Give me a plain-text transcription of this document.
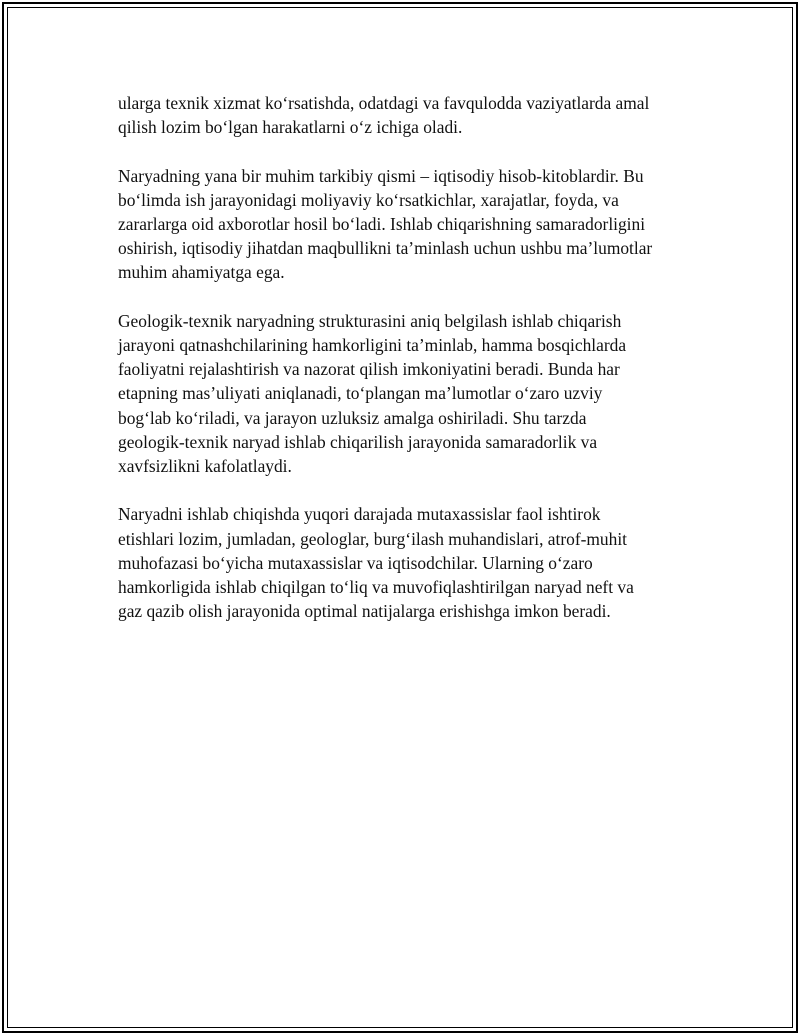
ularga texnik xizmat ko‘rsatishda, odatdagi va favqulodda vaziyatlarda amal
qilish lozim bo‘lgan harakatlarni o‘z ichiga oladi.

Naryadning yana bir muhim tarkibiy qismi – iqtisodiy hisob-kitoblardir. Bu
bo‘limda ish jarayonidagi moliyaviy ko‘rsatkichlar, xarajatlar, foyda, va
zararlarga oid axborotlar hosil bo‘ladi. Ishlab chiqarishning samaradorligini
oshirish, iqtisodiy jihatdan maqbullikni ta’minlash uchun ushbu ma’lumotlar
muhim ahamiyatga ega.

Geologik-texnik naryadning strukturasini aniq belgilash ishlab chiqarish
jarayoni qatnashchilarining hamkorligini ta’minlab, hamma bosqichlarda
faoliyatni rejalashtirish va nazorat qilish imkoniyatini beradi. Bunda har
etapning mas’uliyati aniqlanadi, to‘plangan ma’lumotlar o‘zaro uzviy
bog‘lab ko‘riladi, va jarayon uzluksiz amalga oshiriladi. Shu tarzda
geologik-texnik naryad ishlab chiqarilish jarayonida samaradorlik va
xavfsizlikni kafolatlaydi.

Naryadni ishlab chiqishda yuqori darajada mutaxassislar faol ishtirok
etishlari lozim, jumladan, geologlar, burg‘ilash muhandislari, atrof-muhit
muhofazasi bo‘yicha mutaxassislar va iqtisodchilar. Ularning o‘zaro
hamkorligida ishlab chiqilgan to‘liq va muvofiqlashtirilgan naryad neft va
gaz qazib olish jarayonida optimal natijalarga erishishga imkon beradi.
